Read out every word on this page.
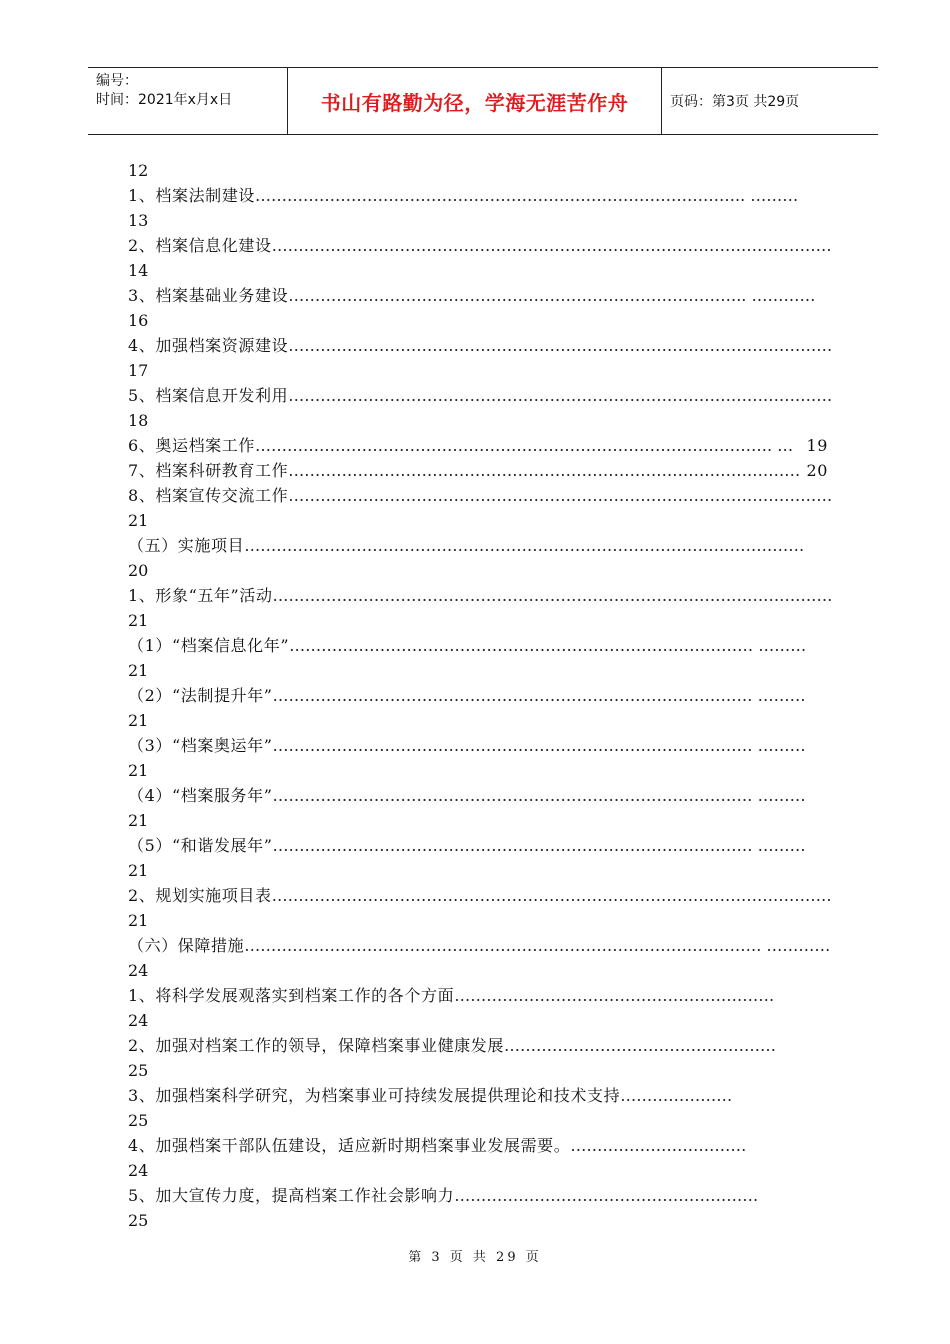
编号：
时间：2021年x月x日	书山有路勤为径，学海无涯苦作舟	页码：第3页 共29页
12
1、档案法制建设……………………………………………………………………………….. ………
13
2、档案信息化建设……………………………………………………………………………………………
14
3、档案基础业务建设………………………………………………………………………….. …………
16
4、加强档案资源建设…………………………………………………………………………………………
17
5、档案信息开发利用…………………………………………………………………………………………
18
6、奥运档案工作……………………………………………………………………………………. … 19
7、档案科研教育工作…………………………………………………………………………………… 20
8、档案宣传交流工作…………………………………………………………………………………………
21
（五）实施项目……………………………………………………………………………………………
20
1、形象“五年”活动……………………………………………………………………………………………
21
（1）“档案信息化年”…………………………………………………………………………… ………
21
（2）“法制提升年”……………………………………………………………………………… ………
21
（3）“档案奥运年”……………………………………………………………………………… ………
21
（4）“档案服务年”……………………………………………………………………………… ………
21
（5）“和谐发展年”……………………………………………………………………………… ………
21
2、规划实施项目表……………………………………………………………………………………………
21
（六）保障措施……………………………………………………………………………………. …………
24
1、将科学发展观落实到档案工作的各个方面……………………………………………………
24
2、加强对档案工作的领导，保障档案事业健康发展……………………………………………
25
3、加强档案科学研究，为档案事业可持续发展提供理论和技术支持…………………
25
4、加强档案干部队伍建设，适应新时期档案事业发展需要。……………………………
24
5、加大宣传力度，提高档案工作社会影响力…………………………………………………
25
第 3 页 共 29 页
